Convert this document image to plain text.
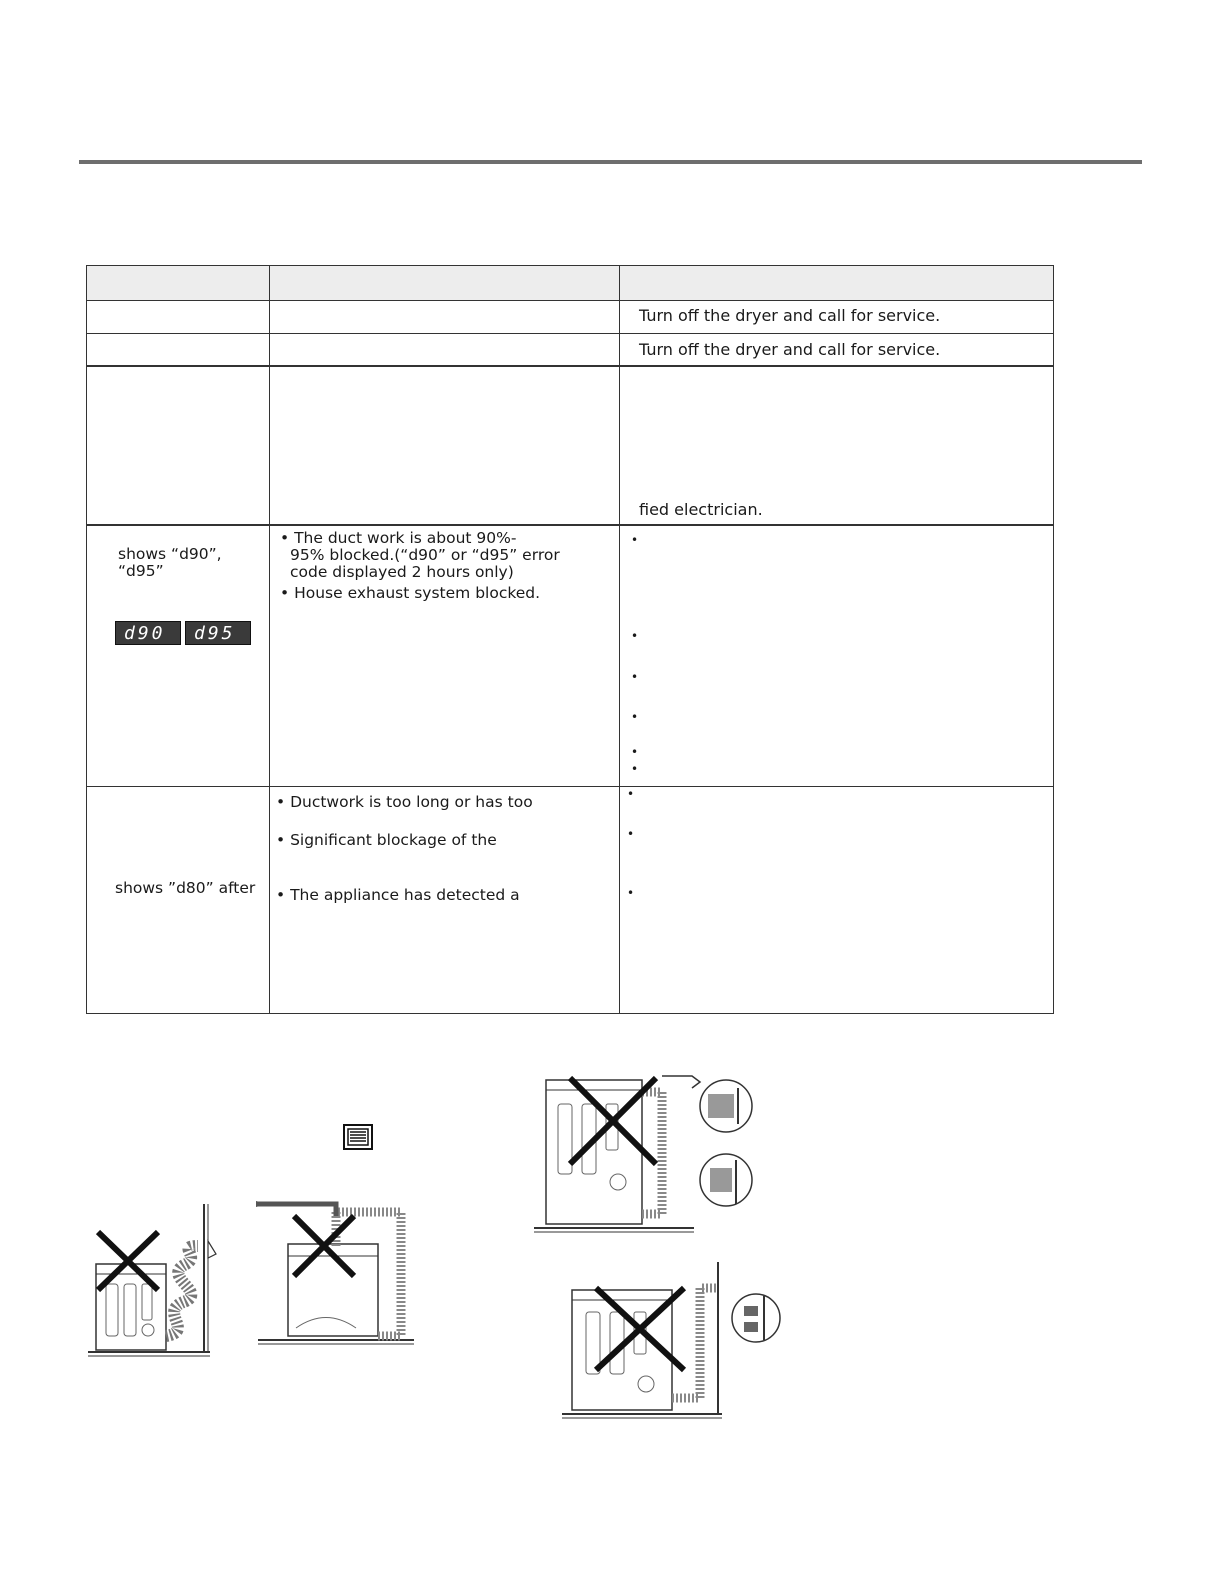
Turn off the dryer and call for service.
Turn off the dryer and call for service.
fied electrician.
shows “d90”,
“d95”
d90 d95
• The duct work is about 90%-
95% blocked.(“d90” or “d95” error
code displayed 2 hours only)
• House exhaust system blocked.
•
•
•
•
•
•
shows ”d80” after
• Ductwork is too long or has too
• Significant blockage of the
• The appliance has detected a
•
•
•
